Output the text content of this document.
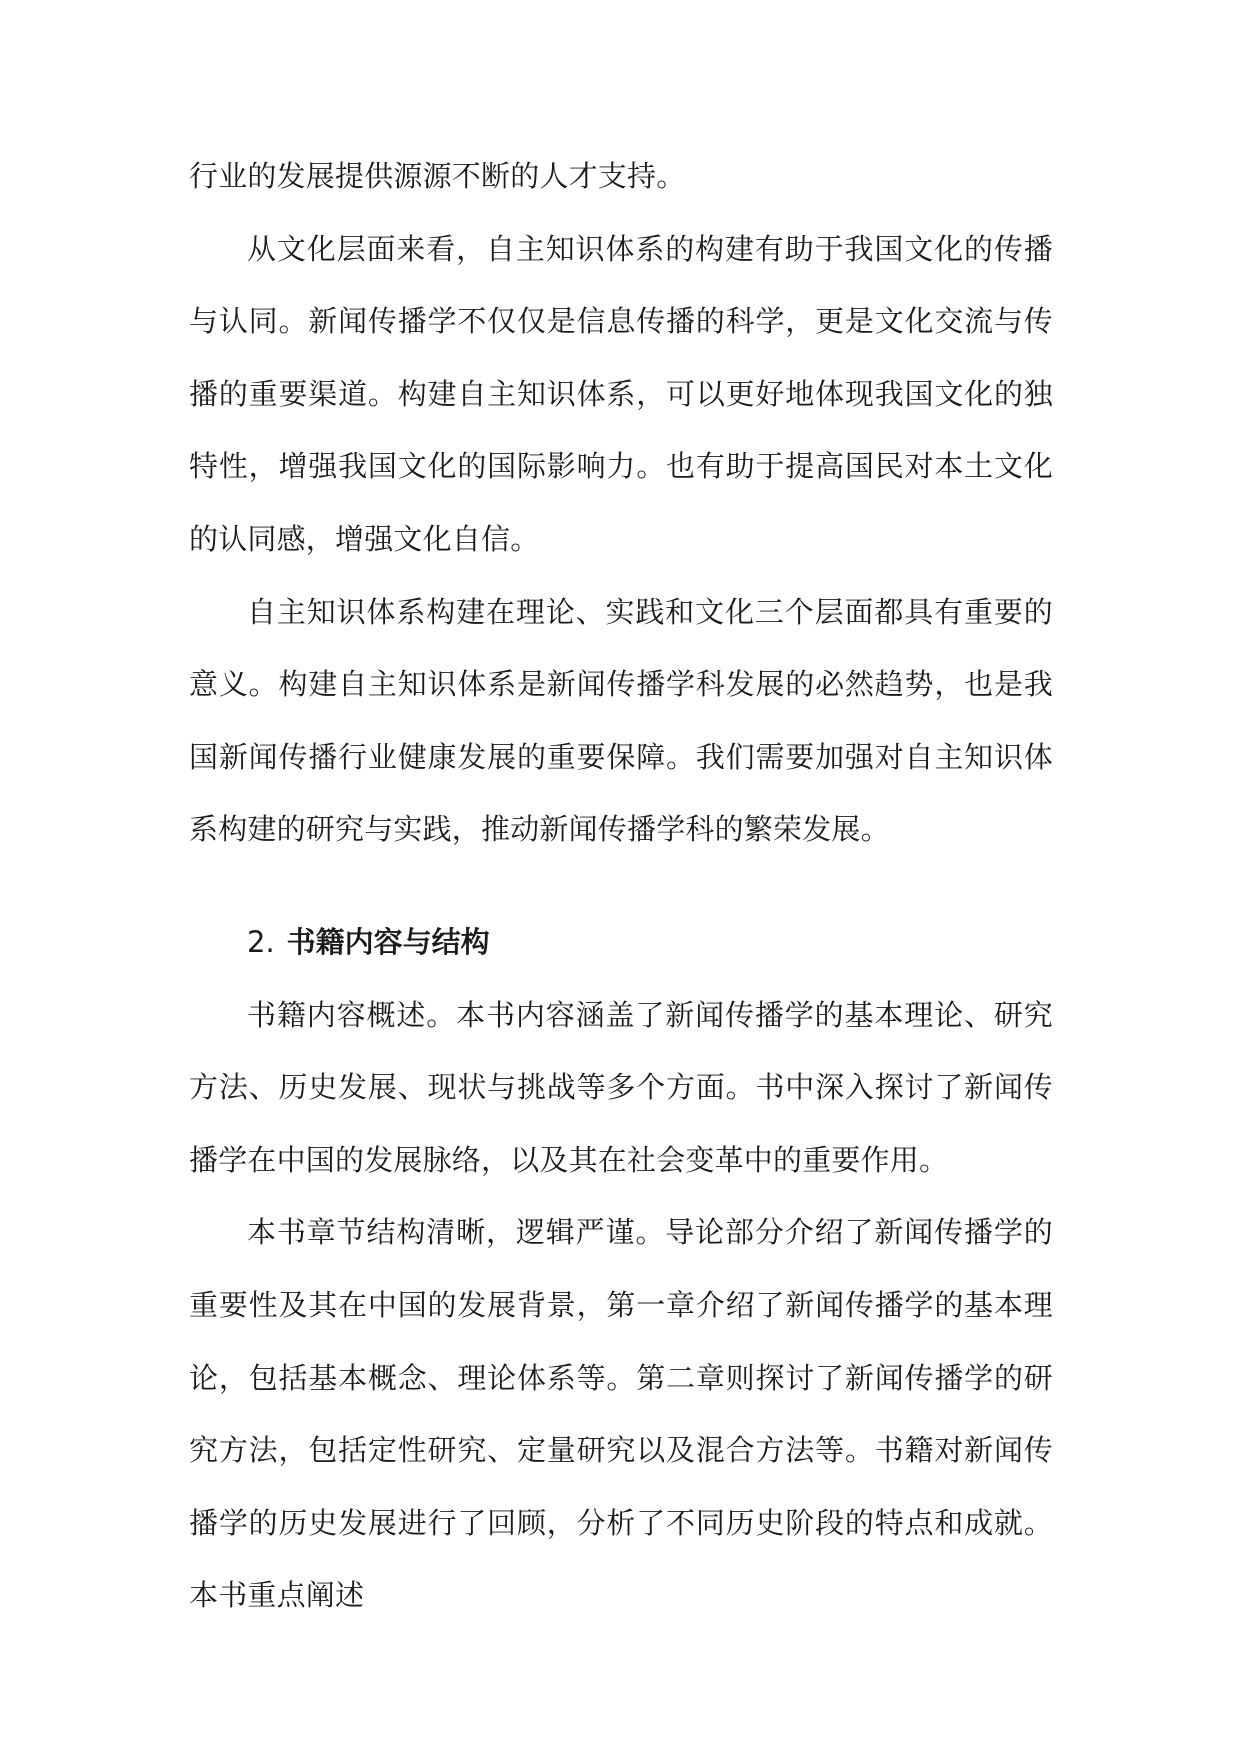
行业的发展提供源源不断的人才支持。

从文化层面来看，自主知识体系的构建有助于我国文化的传播与认同。新闻传播学不仅仅是信息传播的科学，更是文化交流与传播的重要渠道。构建自主知识体系，可以更好地体现我国文化的独特性，增强我国文化的国际影响力。也有助于提高国民对本土文化的认同感，增强文化自信。

自主知识体系构建在理论、实践和文化三个层面都具有重要的意义。构建自主知识体系是新闻传播学科发展的必然趋势，也是我国新闻传播行业健康发展的重要保障。我们需要加强对自主知识体系构建的研究与实践，推动新闻传播学科的繁荣发展。

2. 书籍内容与结构

书籍内容概述。本书内容涵盖了新闻传播学的基本理论、研究方法、历史发展、现状与挑战等多个方面。书中深入探讨了新闻传播学在中国的发展脉络，以及其在社会变革中的重要作用。

本书章节结构清晰，逻辑严谨。导论部分介绍了新闻传播学的重要性及其在中国的发展背景，第一章介绍了新闻传播学的基本理论，包括基本概念、理论体系等。第二章则探讨了新闻传播学的研究方法，包括定性研究、定量研究以及混合方法等。书籍对新闻传播学的历史发展进行了回顾，分析了不同历史阶段的特点和成就。本书重点阐述
